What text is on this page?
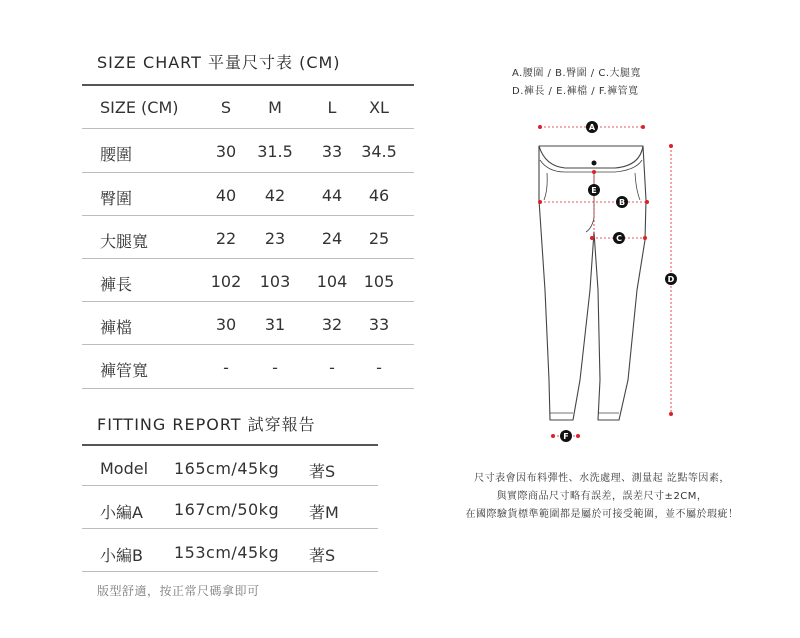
SIZE CHART 平量尺寸表 (CM)
SIZE (CM)	S	M	L	XL
腰圍	30	31.5	33	34.5
臀圍	40	42	44	46
大腿寬	22	23	24	25
褲長	102	103	104	105
褲檔	30	31	32	33
褲管寬	-	-	-	-
FITTING REPORT 試穿報告
Model 165cm/45kg 著S
小編A 167cm/50kg 著M
小編B 153cm/45kg 著S
版型舒適，按正常尺碼拿即可
A.腰圍 / B.臀圍 / C.大腿寬
D.褲長 / E.褲檔 / F.褲管寬
A
B
C
D
E
F
尺寸表會因布料彈性、水洗處理、測量起 訖點等因素，
與實際商品尺寸略有誤差，誤差尺寸±2CM，
在國際驗貨標準範圍都是屬於可接受範圍，並不屬於瑕疵！
